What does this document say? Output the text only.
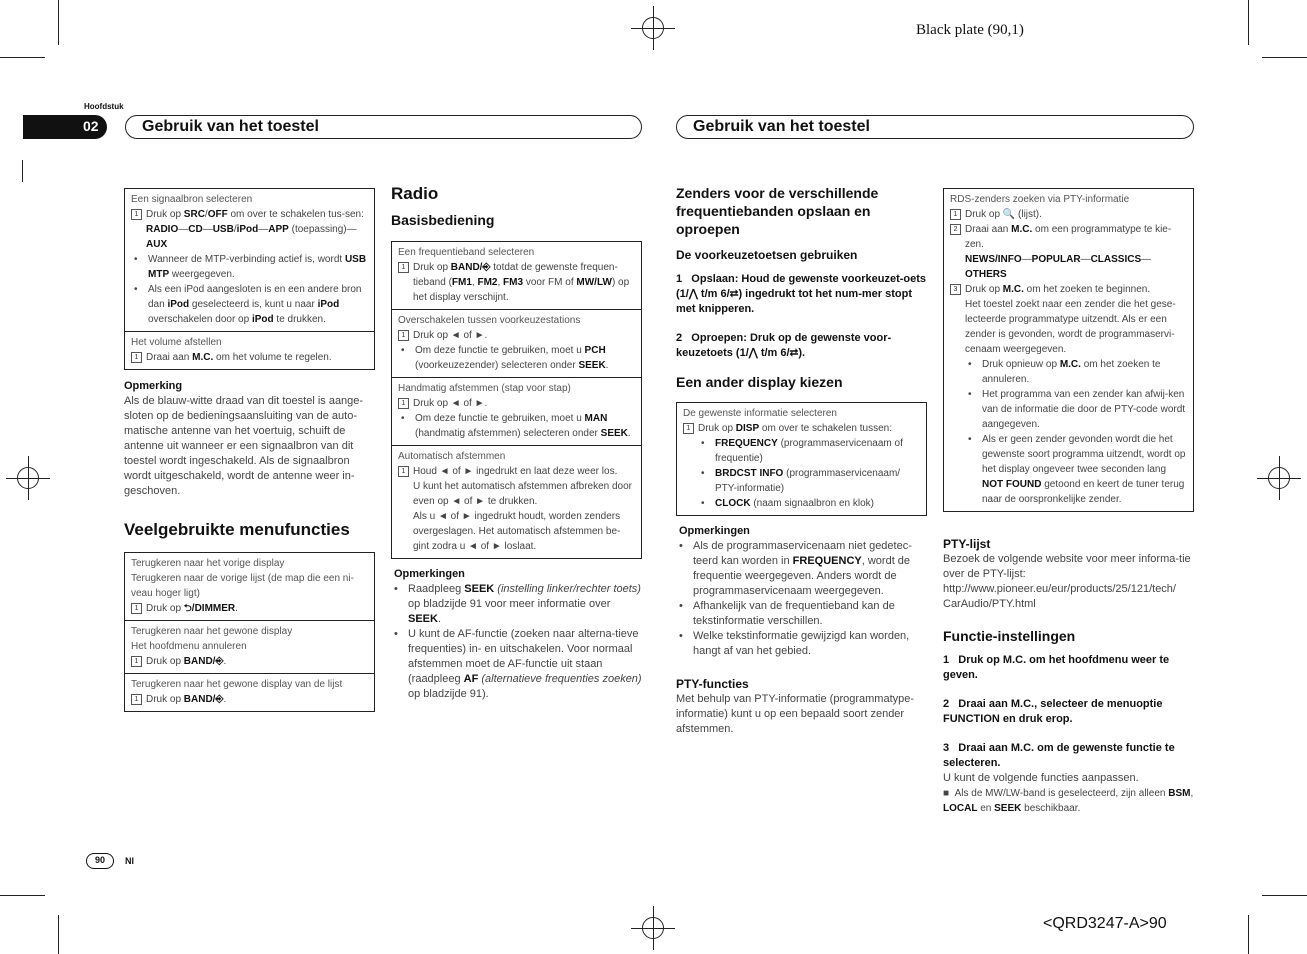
Black plate (90,1)
<QRD3247-A>90
Hoofdstuk
02	Gebruik van het toestel	Gebruik van het toestel
Een signaalbron selecteren
1 Druk op SRC/OFF om over te schakelen tus-sen:
RADIO—CD—USB/iPod—APP (toepassing)—
AUX
•	Wanneer de MTP-verbinding actief is, wordt USB MTP weergegeven.
•	Als een iPod aangesloten is en een andere bron dan iPod geselecteerd is, kunt u naar iPod overschakelen door op iPod te drukken.
Het volume afstellen
1 Draai aan M.C. om het volume te regelen.
Opmerking
Als de blauw-witte draad van dit toestel is aange-sloten op de bedieningsaansluiting van de auto-matische antenne van het voertuig, schuift de antenne uit wanneer er een signaalbron van dit toestel wordt ingeschakeld. Als de signaalbron wordt uitgeschakeld, wordt de antenne weer in-geschoven.
Veelgebruikte menufuncties
Terugkeren naar het vorige display
Terugkeren naar de vorige lijst (de map die een ni-veau hoger ligt)
1 Druk op ⮌/DIMMER.
Terugkeren naar het gewone display
Het hoofdmenu annuleren
1 Druk op BAND/⎆.
Terugkeren naar het gewone display van de lijst
1 Druk op BAND/⎆.
Radio
Basisbediening
Een frequentieband selecteren
1 Druk op BAND/⎆ totdat de gewenste frequen-tieband (FM1, FM2, FM3 voor FM of MW/LW) op het display verschijnt.
Overschakelen tussen voorkeuzestations
1 Druk op ◄ of ►.
•	Om deze functie te gebruiken, moet u PCH (voorkeuzezender) selecteren onder SEEK.
Handmatig afstemmen (stap voor stap)
1 Druk op ◄ of ►.
•	Om deze functie te gebruiken, moet u MAN (handmatig afstemmen) selecteren onder SEEK.
Automatisch afstemmen
1 Houd ◄ of ► ingedrukt en laat deze weer los.
U kunt het automatisch afstemmen afbreken door even op ◄ of ► te drukken.
Als u ◄ of ► ingedrukt houdt, worden zenders overgeslagen. Het automatisch afstemmen be-gint zodra u ◄ of ► loslaat.
Opmerkingen
• Raadpleeg SEEK (instelling linker/rechter toets) op bladzijde 91 voor meer informatie over SEEK.
• U kunt de AF-functie (zoeken naar alterna-tieve frequenties) in- en uitschakelen. Voor normaal afstemmen moet de AF-functie uit staan (raadpleeg AF (alternatieve frequenties zoeken) op bladzijde 91).
Zenders voor de verschillende frequentiebanden opslaan en oproepen
De voorkeuzetoetsen gebruiken
1 Opslaan: Houd de gewenste voorkeuzet-oets (1/⋀ t/m 6/⮂) ingedrukt tot het num-mer stopt met knipperen.
2 Oproepen: Druk op de gewenste voor-keuzetoets (1/⋀ t/m 6/⮂).
Een ander display kiezen
De gewenste informatie selecteren
1 Druk op DISP om over te schakelen tussen:
•	FREQUENCY (programmaservicenaam of frequentie)
•	BRDCST INFO (programmaservicenaam/ PTY-informatie)
•	CLOCK (naam signaalbron en klok)
Opmerkingen
• Als de programmaservicenaam niet gedetec-teerd kan worden in FREQUENCY, wordt de frequentie weergegeven. Anders wordt de programmaservicenaam weergegeven.
• Afhankelijk van de frequentieband kan de tekstinformatie verschillen.
• Welke tekstinformatie gewijzigd kan worden, hangt af van het gebied.
PTY-functies
Met behulp van PTY-informatie (programmatype-informatie) kunt u op een bepaald soort zender afstemmen.
RDS-zenders zoeken via PTY-informatie
1 Druk op 🔍 (lijst).
2 Draai aan M.C. om een programmatype te kie-zen.
NEWS/INFO—POPULAR—CLASSICS—
OTHERS
3 Druk op M.C. om het zoeken te beginnen.
Het toestel zoekt naar een zender die het gese-lecteerde programmatype uitzendt. Als er een zender is gevonden, wordt de programmaservi-cenaam weergegeven.
•	Druk opnieuw op M.C. om het zoeken te annuleren.
•	Het programma van een zender kan afwij-ken van de informatie die door de PTY-code wordt aangegeven.
•	Als er geen zender gevonden wordt die het gewenste soort programma uitzendt, wordt op het display ongeveer twee seconden lang NOT FOUND getoond en keert de tuner terug naar de oorspronkelijke zender.
PTY-lijst
Bezoek de volgende website voor meer informa-tie over de PTY-lijst:
http://www.pioneer.eu/eur/products/25/121/tech/ CarAudio/PTY.html
Functie-instellingen
1 Druk op M.C. om het hoofdmenu weer te geven.
2 Draai aan M.C., selecteer de menuoptie FUNCTION en druk erop.
3 Draai aan M.C. om de gewenste functie te selecteren.
U kunt de volgende functies aanpassen.
■  Als de MW/LW-band is geselecteerd, zijn alleen BSM, LOCAL en SEEK beschikbaar.
90	Nl
